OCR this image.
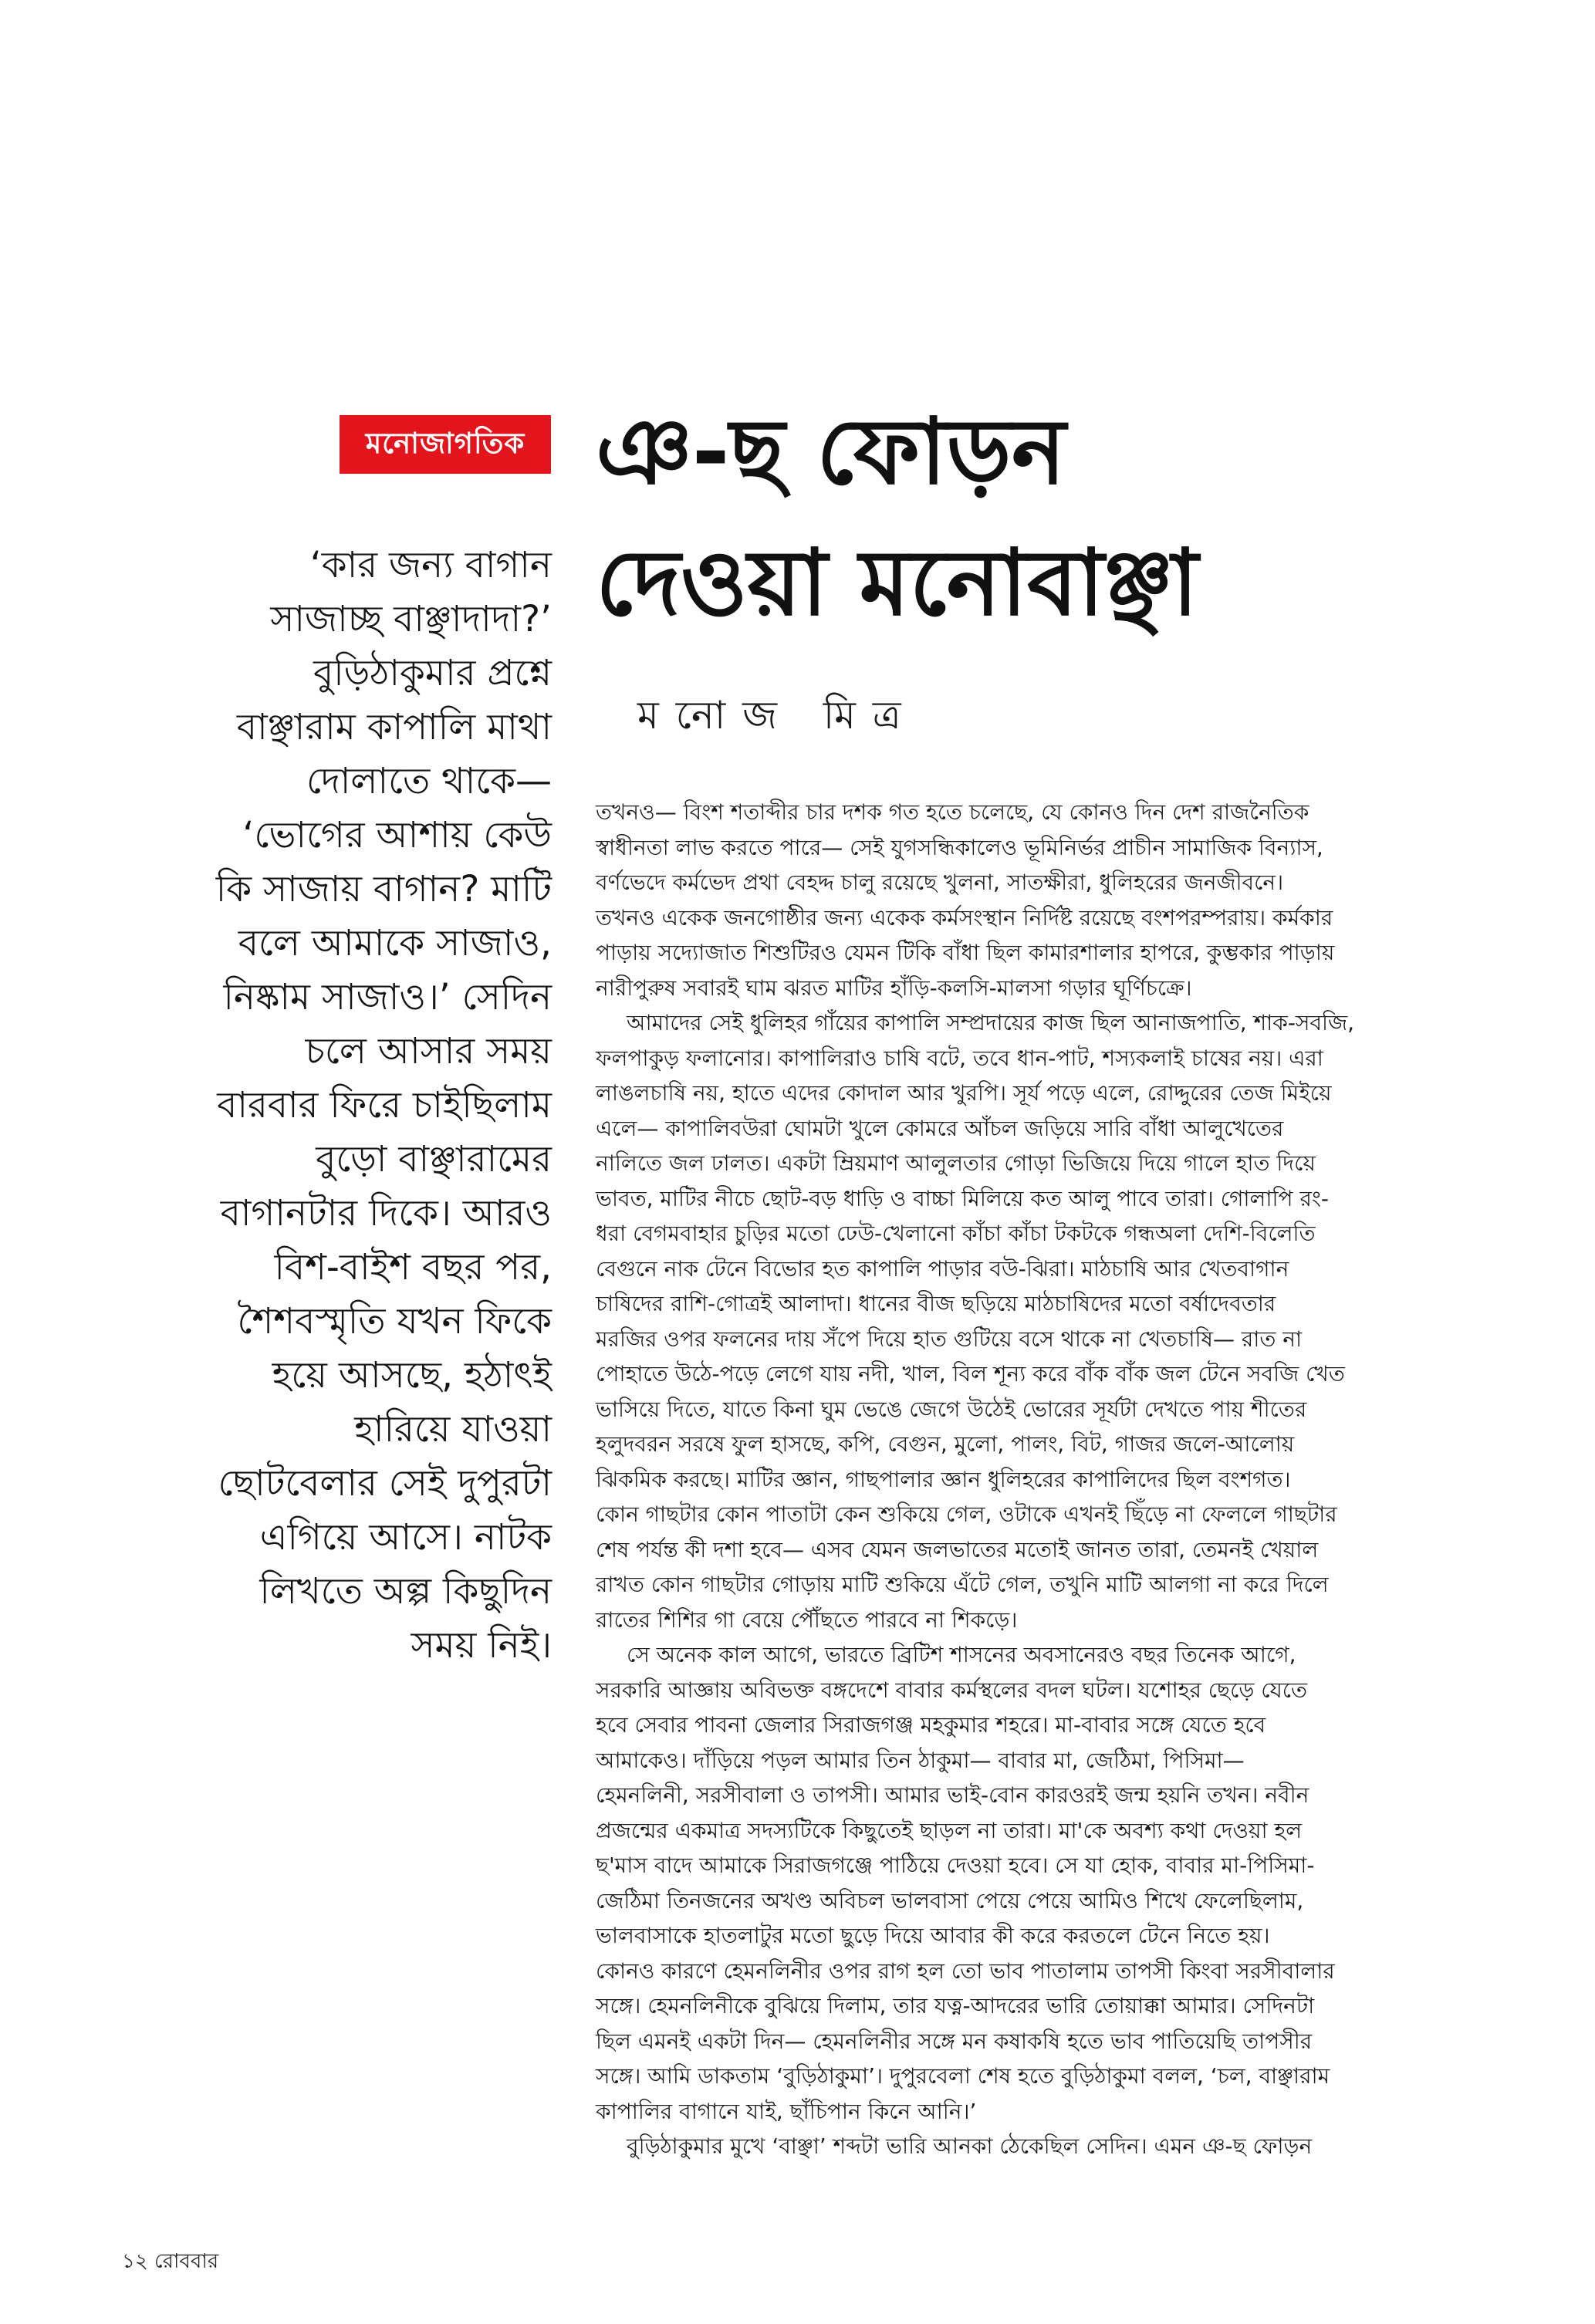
মনোজাগতিক ঞ-ছ ফোড়ন
দেওয়া মনোবাঞ্ছা
মনোজ মিত্র
‘কার জন্য বাগান
সাজাচ্ছ বাঞ্ছাদাদা?’
বুড়িঠাকুমার প্রশ্নে
বাঞ্ছারাম কাপালি মাথা
দোলাতে থাকে—
‘ভোগের আশায় কেউ
কি সাজায় বাগান? মাটি
বলে আমাকে সাজাও,
নিষ্কাম সাজাও।’ সেদিন
চলে আসার সময়
বারবার ফিরে চাইছিলাম
বুড়ো বাঞ্ছারামের
বাগানটার দিকে। আরও
বিশ-বাইশ বছর পর,
শৈশবস্মৃতি যখন ফিকে
হয়ে আসছে, হঠাৎই
হারিয়ে যাওয়া
ছোটবেলার সেই দুপুরটা
এগিয়ে আসে। নাটক
লিখতে অল্প কিছুদিন
সময় নিই।
তখনও— বিংশ শতাব্দীর চার দশক গত হতে চলেছে, যে কোনও দিন দেশ রাজনৈতিক
স্বাধীনতা লাভ করতে পারে— সেই যুগসন্ধিকালেও ভূমিনির্ভর প্রাচীন সামাজিক বিন্যাস,
বর্ণভেদে কর্মভেদ প্রথা বেহদ্দ চালু রয়েছে খুলনা, সাতক্ষীরা, ধুলিহরের জনজীবনে।
তখনও একেক জনগোষ্ঠীর জন্য একেক কর্মসংস্থান নির্দিষ্ট রয়েছে বংশপরম্পরায়। কর্মকার
পাড়ায় সদ্যোজাত শিশুটিরও যেমন টিকি বাঁধা ছিল কামারশালার হাপরে, কুম্ভকার পাড়ায়
নারীপুরুষ সবারই ঘাম ঝরত মাটির হাঁড়ি-কলসি-মালসা গড়ার ঘূর্ণিচক্রে।
আমাদের সেই ধুলিহর গাঁয়ের কাপালি সম্প্রদায়ের কাজ ছিল আনাজপাতি, শাক-সবজি,
ফলপাকুড় ফলানোর। কাপালিরাও চাষি বটে, তবে ধান-পাট, শস্যকলাই চাষের নয়। এরা
লাঙলচাষি নয়, হাতে এদের কোদাল আর খুরপি। সূর্য পড়ে এলে, রোদ্দুরের তেজ মিইয়ে
এলে— কাপালিবউরা ঘোমটা খুলে কোমরে আঁচল জড়িয়ে সারি বাঁধা আলুখেতের
নালিতে জল ঢালত। একটা ম্রিয়মাণ আলুলতার গোড়া ভিজিয়ে দিয়ে গালে হাত দিয়ে
ভাবত, মাটির নীচে ছোট-বড় ধাড়ি ও বাচ্চা মিলিয়ে কত আলু পাবে তারা। গোলাপি রং-
ধরা বেগমবাহার চুড়ির মতো ঢেউ-খেলানো কাঁচা কাঁচা টকটকে গন্ধঅলা দেশি-বিলেতি
বেগুনে নাক টেনে বিভোর হত কাপালি পাড়ার বউ-ঝিরা। মাঠচাষি আর খেতবাগান
চাষিদের রাশি-গোত্রই আলাদা। ধানের বীজ ছড়িয়ে মাঠচাষিদের মতো বর্ষাদেবতার
মরজির ওপর ফলনের দায় সঁপে দিয়ে হাত গুটিয়ে বসে থাকে না খেতচাষি— রাত না
পোহাতে উঠে-পড়ে লেগে যায় নদী, খাল, বিল শূন্য করে বাঁক বাঁক জল টেনে সবজি খেত
ভাসিয়ে দিতে, যাতে কিনা ঘুম ভেঙে জেগে উঠেই ভোরের সূর্যটা দেখতে পায় শীতের
হলুদবরন সরষে ফুল হাসছে, কপি, বেগুন, মুলো, পালং, বিট, গাজর জলে-আলোয়
ঝিকমিক করছে। মাটির জ্ঞান, গাছপালার জ্ঞান ধুলিহরের কাপালিদের ছিল বংশগত।
কোন গাছটার কোন পাতাটা কেন শুকিয়ে গেল, ওটাকে এখনই ছিঁড়ে না ফেললে গাছটার
শেষ পর্যন্ত কী দশা হবে— এসব যেমন জলভাতের মতোই জানত তারা, তেমনই খেয়াল
রাখত কোন গাছটার গোড়ায় মাটি শুকিয়ে এঁটে গেল, তখুনি মাটি আলগা না করে দিলে
রাতের শিশির গা বেয়ে পৌঁছতে পারবে না শিকড়ে।
সে অনেক কাল আগে, ভারতে ব্রিটিশ শাসনের অবসানেরও বছর তিনেক আগে,
সরকারি আজ্ঞায় অবিভক্ত বঙ্গদেশে বাবার কর্মস্থলের বদল ঘটল। যশোহর ছেড়ে যেতে
হবে সেবার পাবনা জেলার সিরাজগঞ্জ মহকুমার শহরে। মা-বাবার সঙ্গে যেতে হবে
আমাকেও। দাঁড়িয়ে পড়ল আমার তিন ঠাকুমা— বাবার মা, জেঠিমা, পিসিমা—
হেমনলিনী, সরসীবালা ও তাপসী। আমার ভাই-বোন কারওরই জন্ম হয়নি তখন। নবীন
প্রজন্মের একমাত্র সদস্যটিকে কিছুতেই ছাড়ল না তারা। মা'কে অবশ্য কথা দেওয়া হল
ছ'মাস বাদে আমাকে সিরাজগঞ্জে পাঠিয়ে দেওয়া হবে। সে যা হোক, বাবার মা-পিসিমা-
জেঠিমা তিনজনের অখণ্ড অবিচল ভালবাসা পেয়ে পেয়ে আমিও শিখে ফেলেছিলাম,
ভালবাসাকে হাতলাটুর মতো ছুড়ে দিয়ে আবার কী করে করতলে টেনে নিতে হয়।
কোনও কারণে হেমনলিনীর ওপর রাগ হল তো ভাব পাতালাম তাপসী কিংবা সরসীবালার
সঙ্গে। হেমনলিনীকে বুঝিয়ে দিলাম, তার যত্ন-আদরের ভারি তোয়াক্কা আমার। সেদিনটা
ছিল এমনই একটা দিন— হেমনলিনীর সঙ্গে মন কষাকষি হতে ভাব পাতিয়েছি তাপসীর
সঙ্গে। আমি ডাকতাম ‘বুড়িঠাকুমা’। দুপুরবেলা শেষ হতে বুড়িঠাকুমা বলল, ‘চল, বাঞ্ছারাম
কাপালির বাগানে যাই, ছাঁচিপান কিনে আনি।’
বুড়িঠাকুমার মুখে ‘বাঞ্ছা’ শব্দটা ভারি আনকা ঠেকেছিল সেদিন। এমন ঞ-ছ ফোড়ন
১২ রোববার
